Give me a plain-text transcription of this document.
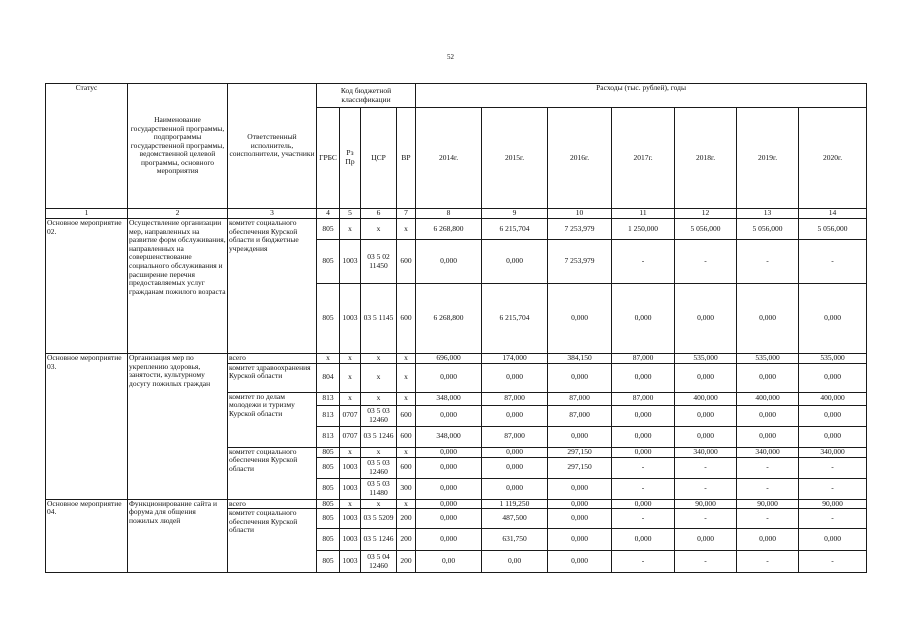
52
Статус	Наименование государственной программы, подпрограммы государственной программы, ведомственной целевой программы, основного мероприятия	Ответственный исполнитель, соисполнители, участники	Код бюджетной классификации				Расходы (тыс. рублей), годы						
			ГРБС	Рз Пр	ЦСР	ВР	2014г.	2015г.	2016г.	2017г.	2018г.	2019г.	2020г.
1	2	3	4	5	6	7	8	9	10	11	12	13	14
Основное мероприятие 02.	Осуществление организации мер, направленных на развитие форм обслуживания, направленных на совершенствование социального обслуживания и расширение перечня предоставляемых услуг гражданам пожилого возраста	комитет социального обеспечения Курской области и бюджетные учреждения	805	х	х	х	6 268,800	6 215,704	7 253,979	1 250,000	5 056,000	5 056,000	5 056,000
			805	1003	03 5 02 11450	600	0,000	0,000	7 253,979	-	-	-	-
			805	1003	03 5 1145	600	6 268,800	6 215,704	0,000	0,000	0,000	0,000	0,000
Основное мероприятие 03.	Организация мер по укреплению здоровья, занятости, культурному досугу пожилых граждан	всего	х	х	х	х	696,000	174,000	384,150	87,000	535,000	535,000	535,000
		комитет здравоохранения Курской области	804	х	х	х	0,000	0,000	0,000	0,000	0,000	0,000	0,000
		комитет по делам молодежи и туризму Курской области	813	х	х	х	348,000	87,000	87,000	87,000	400,000	400,000	400,000
			813	0707	03 5 03 12460	600	0,000	0,000	87,000	0,000	0,000	0,000	0,000
			813	0707	03 5 1246	600	348,000	87,000	0,000	0,000	0,000	0,000	0,000
		комитет социального обеспечения Курской области	805	х	х	х	0,000	0,000	297,150	0,000	340,000	340,000	340,000
			805	1003	03 5 03 12460	600	0,000	0,000	297,150	-	-	-	-
			805	1003	03 5 03 11480	300	0,000	0,000	0,000	-	-	-	-
Основное мероприятие 04.	Функционирование сайта и форума для общения пожилых людей	всего	805	х	х	х	0,000	1 119,250	0,000	0,000	90,000	90,000	90,000
		комитет социального обеспечения Курской области	805	1003	03 5 5209	200	0,000	487,500	0,000	-	-	-	-
			805	1003	03 5 1246	200	0,000	631,750	0,000	0,000	0,000	0,000	0,000
			805	1003	03 5 04 12460	200	0,00	0,00	0,000	-	-	-	-
